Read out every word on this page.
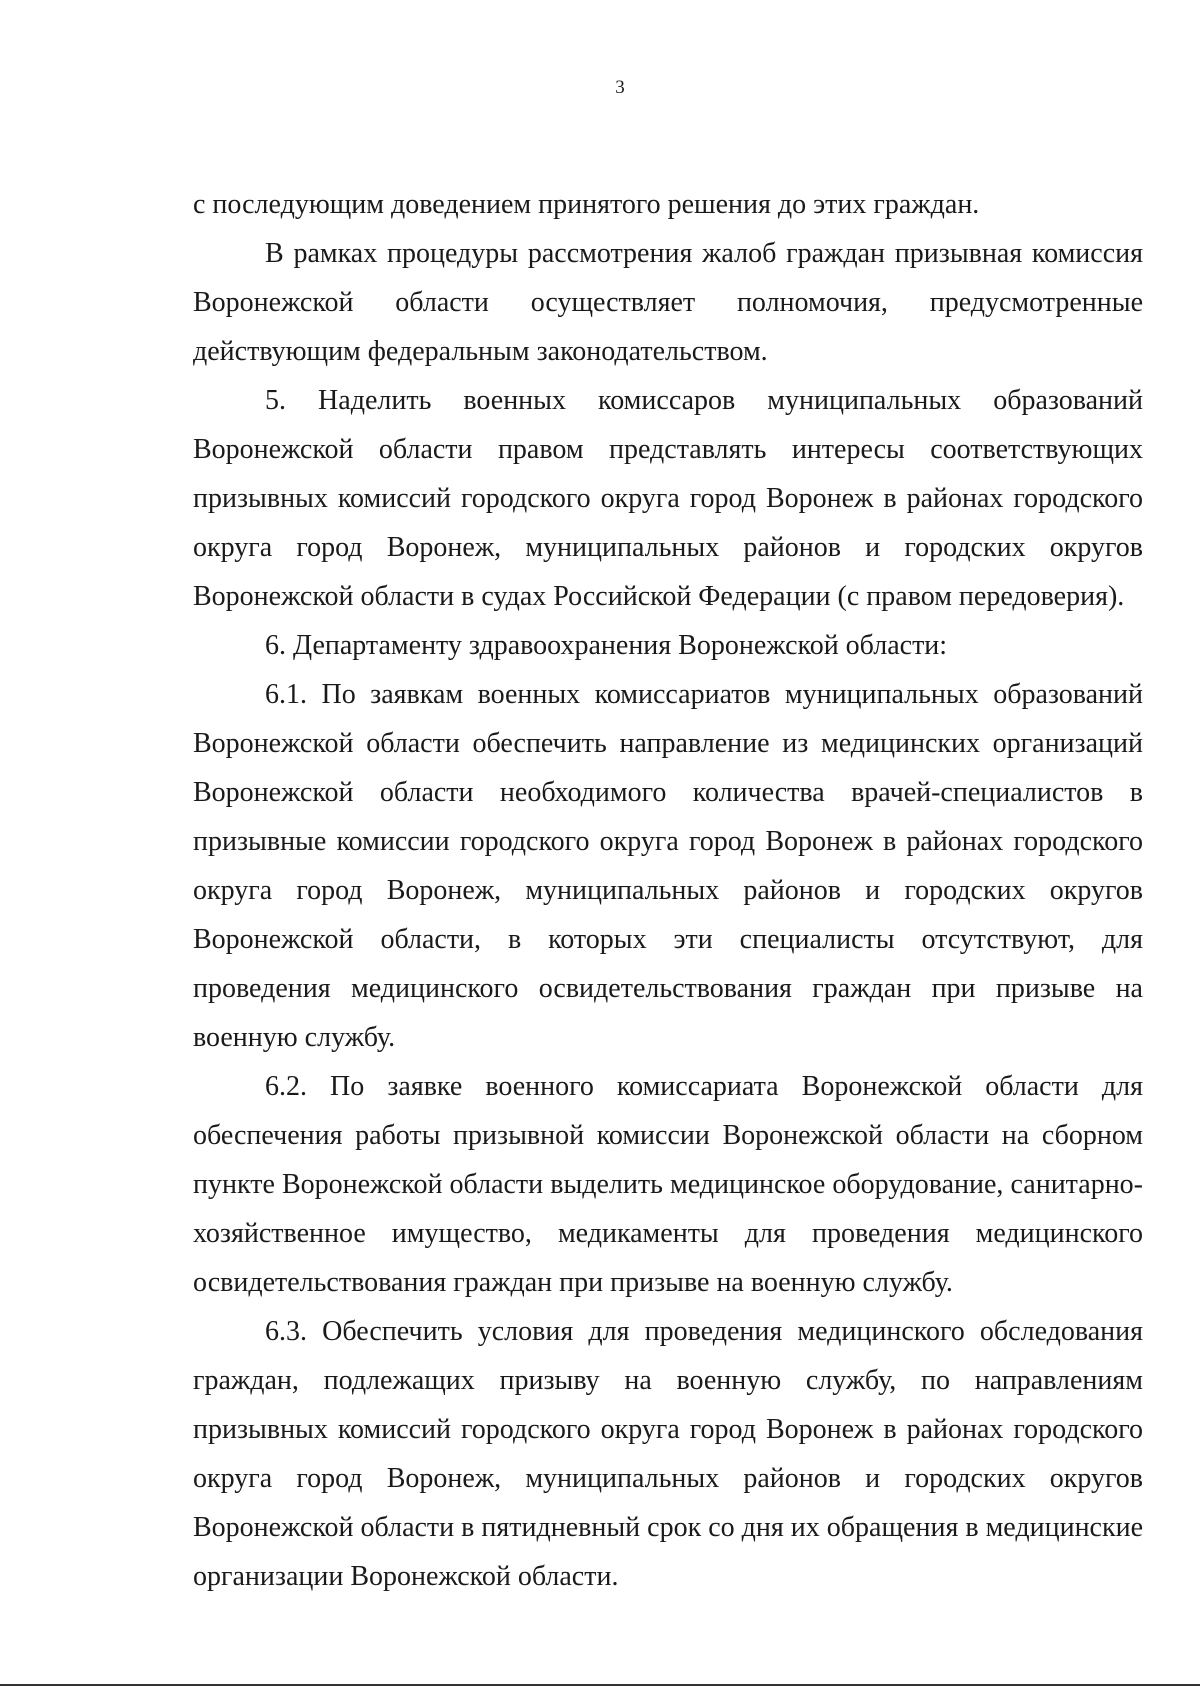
3

с последующим доведением принятого решения до этих граждан.

В рамках процедуры рассмотрения жалоб граждан призывная комиссия Воронежской области осуществляет полномочия, предусмотренные действующим федеральным законодательством.

5. Наделить военных комиссаров муниципальных образований Воронежской области правом представлять интересы соответствующих призывных комиссий городского округа город Воронеж в районах городского округа город Воронеж, муниципальных районов и городских округов Воронежской области в судах Российской Федерации (с правом передоверия).

6. Департаменту здравоохранения Воронежской области:

6.1. По заявкам военных комиссариатов муниципальных образований Воронежской области обеспечить направление из медицинских организаций Воронежской области необходимого количества врачей-специалистов в призывные комиссии городского округа город Воронеж в районах городского округа город Воронеж, муниципальных районов и городских округов Воронежской области, в которых эти специалисты отсутствуют, для проведения медицинского освидетельствования граждан при призыве на военную службу.

6.2. По заявке военного комиссариата Воронежской области для обеспечения работы призывной комиссии Воронежской области на сборном пункте Воронежской области выделить медицинское оборудование, санитарно-хозяйственное имущество, медикаменты для проведения медицинского освидетельствования граждан при призыве на военную службу.

6.3. Обеспечить условия для проведения медицинского обследования граждан, подлежащих призыву на военную службу, по направлениям призывных комиссий городского округа город Воронеж в районах городского округа город Воронеж, муниципальных районов и городских округов Воронежской области в пятидневный срок со дня их обращения в медицинские организации Воронежской области.
